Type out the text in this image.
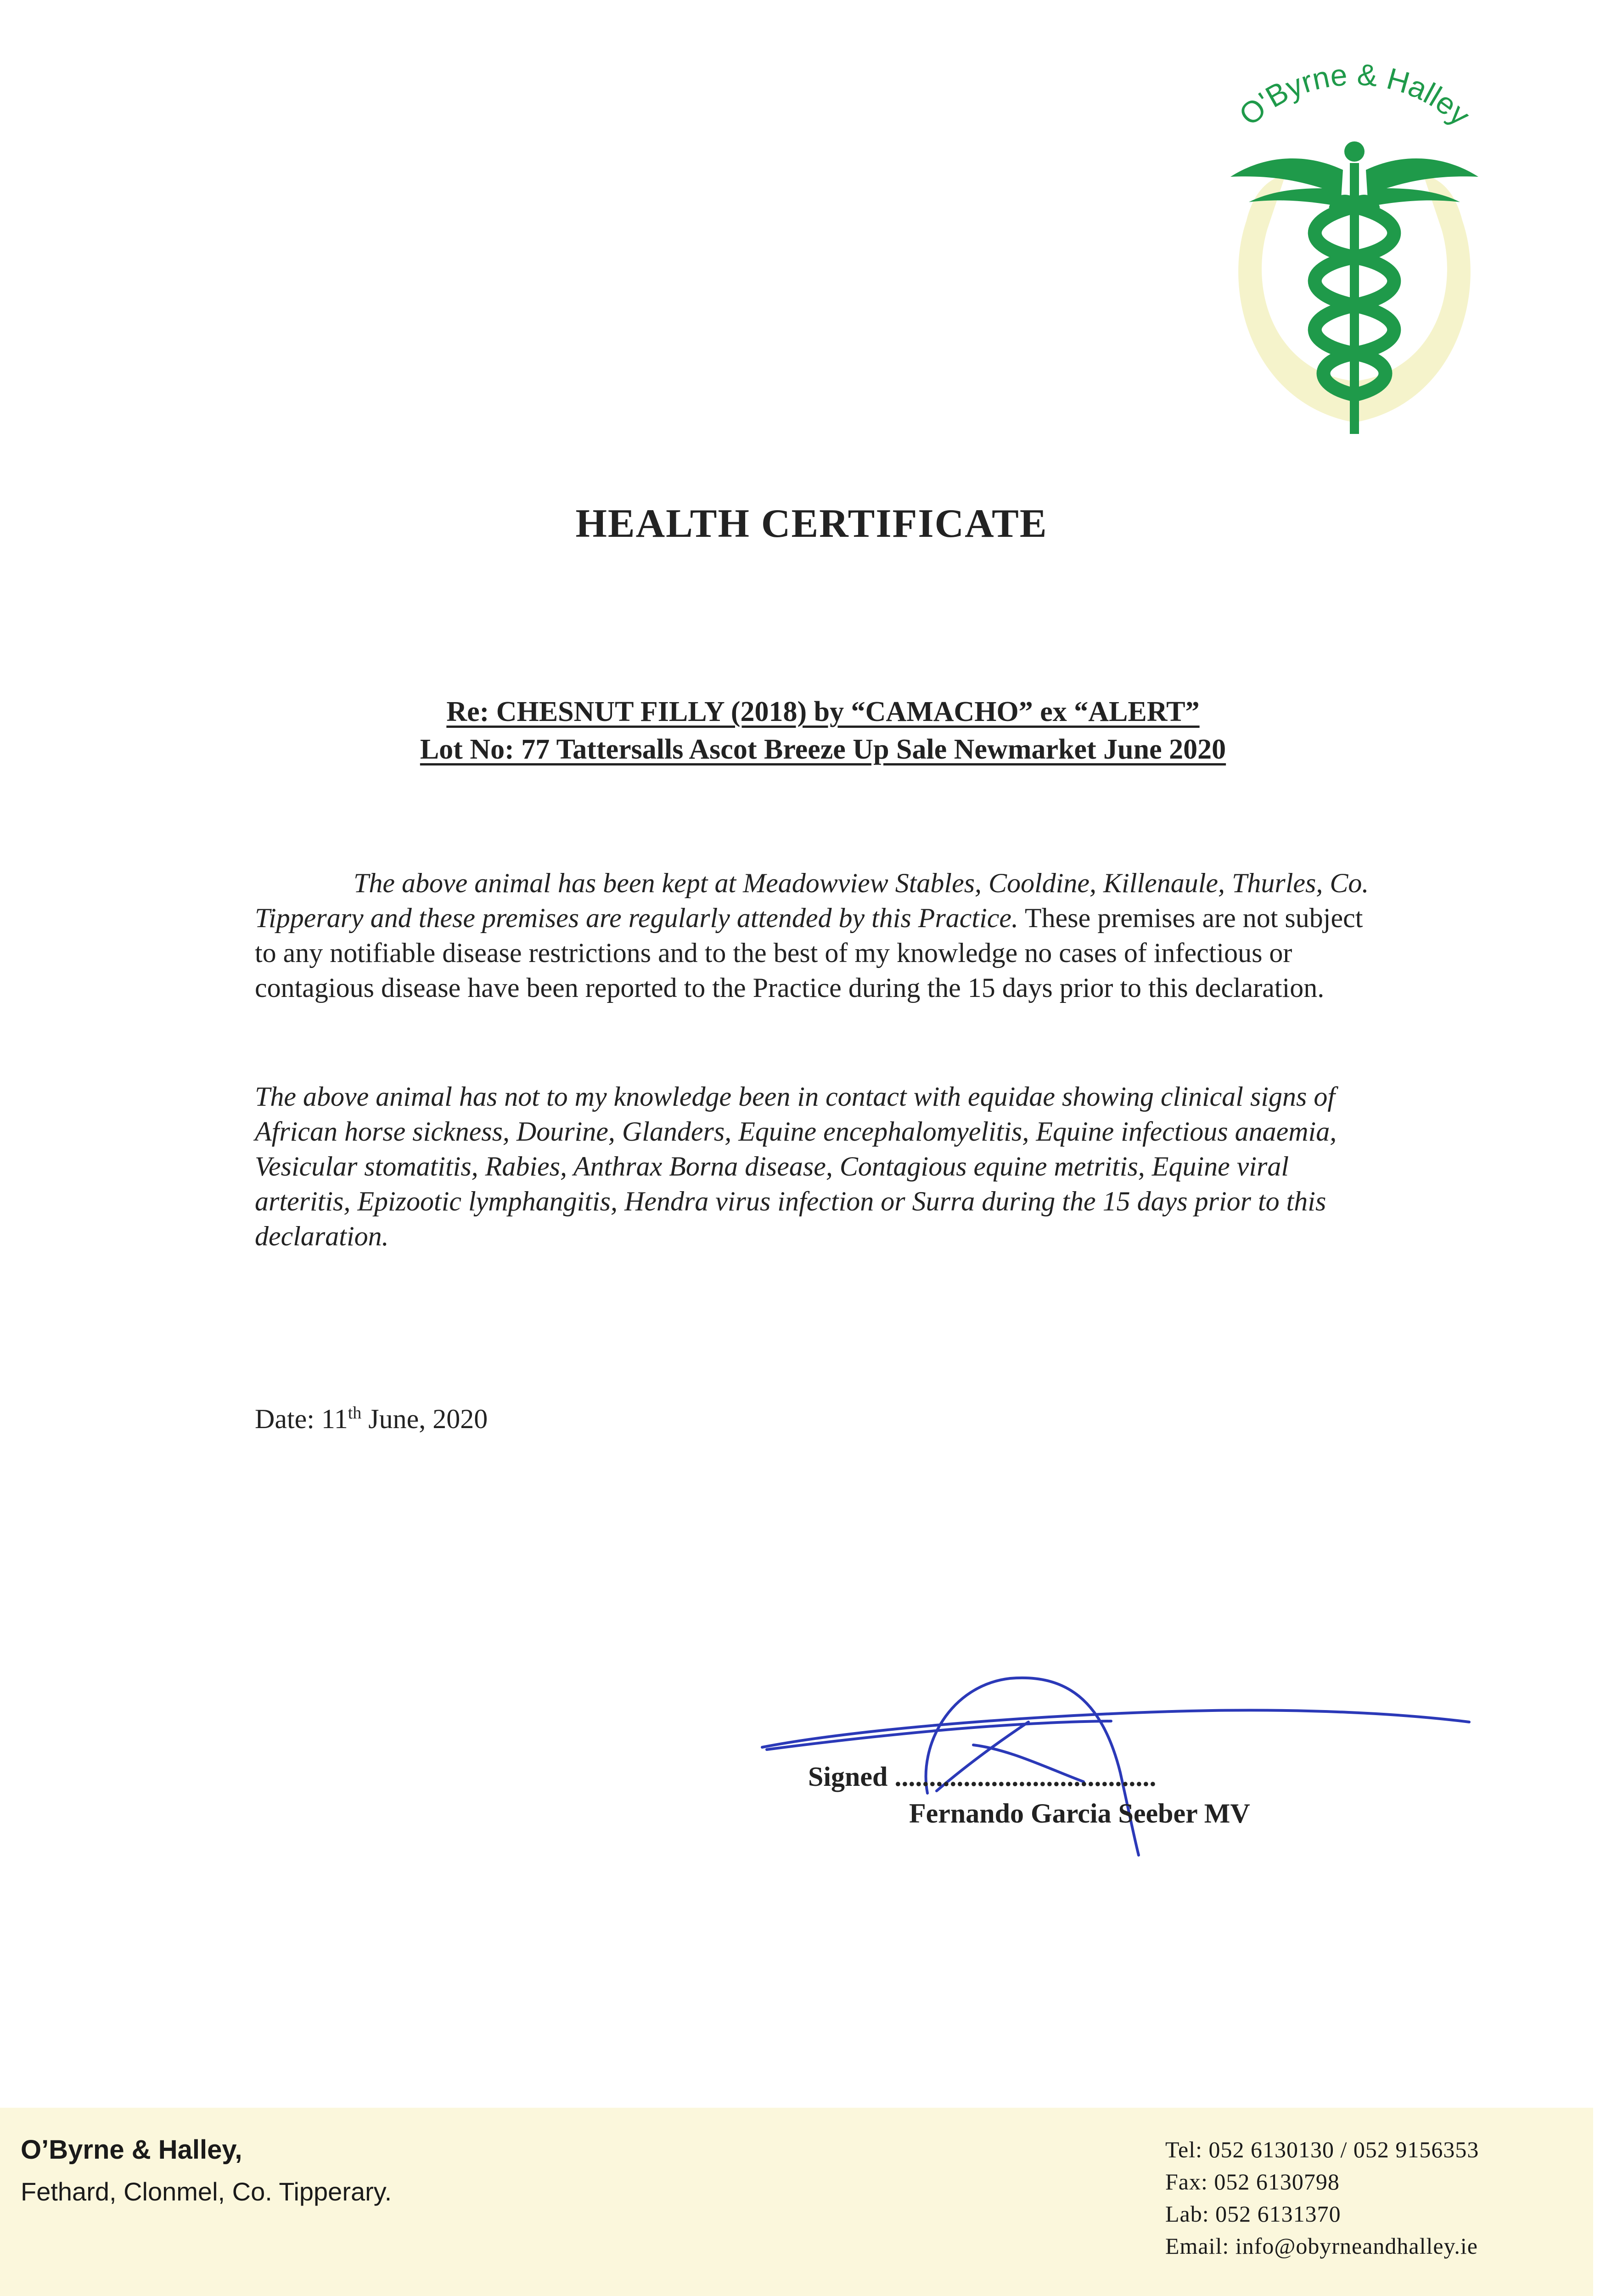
O'Byrne & Halley
HEALTH CERTIFICATE
Re: CHESNUT FILLY (2018) by “CAMACHO” ex “ALERT”
Lot No: 77 Tattersalls Ascot Breeze Up Sale Newmarket June 2020
The above animal has been kept at Meadowview Stables, Cooldine, Killenaule, Thurles, Co. Tipperary and these premises are regularly attended by this Practice. These premises are not subject to any notifiable disease restrictions and to the best of my knowledge no cases of infectious or contagious disease have been reported to the Practice during the 15 days prior to this declaration.
The above animal has not to my knowledge been in contact with equidae showing clinical signs of African horse sickness, Dourine, Glanders, Equine encephalomyelitis, Equine infectious anaemia, Vesicular stomatitis, Rabies, Anthrax Borna disease, Contagious equine metritis, Equine viral arteritis, Epizootic lymphangitis, Hendra virus infection or Surra during the 15 days prior to this declaration.
Date: 11th June, 2020
Signed ......................................
Fernando Garcia Seeber MV
O’Byrne & Halley,
Fethard, Clonmel, Co. Tipperary.
Tel: 052 6130130 / 052 9156353
Fax: 052 6130798
Lab: 052 6131370
Email: info@obyrneandhalley.ie
